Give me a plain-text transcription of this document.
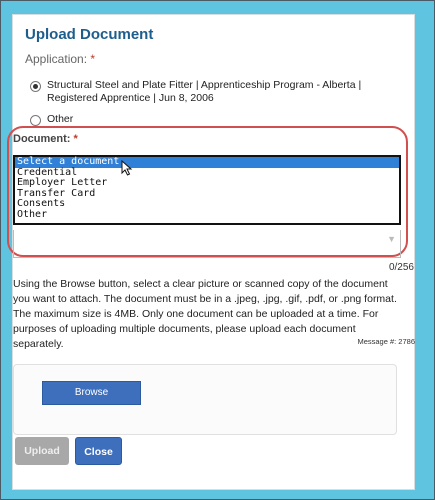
Upload Document
Application: *
Structural Steel and Plate Fitter | Apprenticeship Program - Alberta | Registered Apprentice | Jun 8, 2006
Other
Document: *
Select a document
Credential
Employer Letter
Transfer Card
Consents
Other
▼
0/256

Using the Browse button, select a clear picture or scanned copy of the document you want to attach. The document must be in a .jpeg, .jpg, .gif, .pdf, or .png format. The maximum size is 4MB. Only one document can be uploaded at a time. For purposes of uploading multiple documents, please upload each document separately.	Message #: 2786
Browse
Upload	Close
